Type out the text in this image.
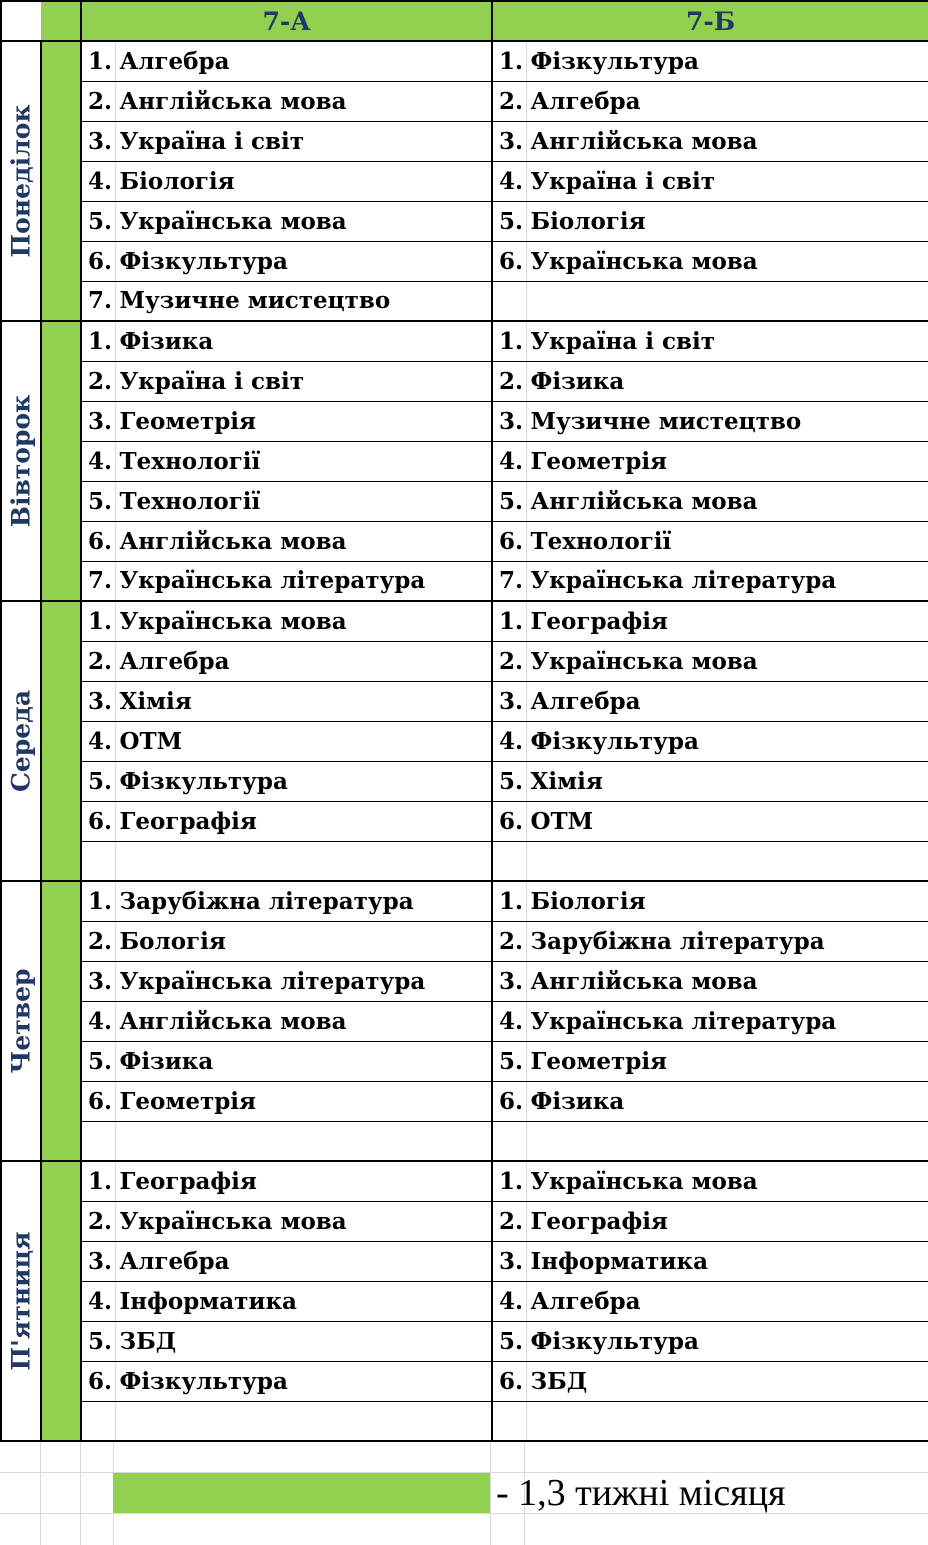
		7-А		7-Б	

Понеділок		1.	Алгебра	1.	Фізкультура
		2.	Англійська мова	2.	Алгебра
		3.	Україна і світ	3.	Англійська мова
		4.	Біологія	4.	Україна і світ
		5.	Українська мова	5.	Біологія
		6.	Фізкультура	6.	Українська мова
		7.	Музичне мистецтво		

Вівторок		1.	Фізика	1.	Україна і світ
		2.	Україна і світ	2.	Фізика
		3.	Геометрія	3.	Музичне мистецтво
		4.	Технології	4.	Геометрія
		5.	Технології	5.	Англійська мова
		6.	Англійська мова	6.	Технології
		7.	Українська література	7.	Українська література

Середа		1.	Українська мова	1.	Географія
		2.	Алгебра	2.	Українська мова
		3.	Хімія	3.	Алгебра
		4.	ОТМ	4.	Фізкультура
		5.	Фізкультура	5.	Хімія
		6.	Географія	6.	ОТМ

Четвер		1.	Зарубіжна література	1.	Біологія
		2.	Бологія	2.	Зарубіжна література
		3.	Українська література	3.	Англійська мова
		4.	Англійська мова	4.	Українська література
		5.	Фізика	5.	Геометрія
		6.	Геометрія	6.	Фізика

П'ятниця		1.	Географія	1.	Українська мова
		2.	Українська мова	2.	Географія
		3.	Алгебра	3.	Інформатика
		4.	Інформатика	4.	Алгебра
		5.	ЗБД	5.	Фізкультура
		6.	Фізкультура	6.	ЗБД

- 1,3 тижні місяця
